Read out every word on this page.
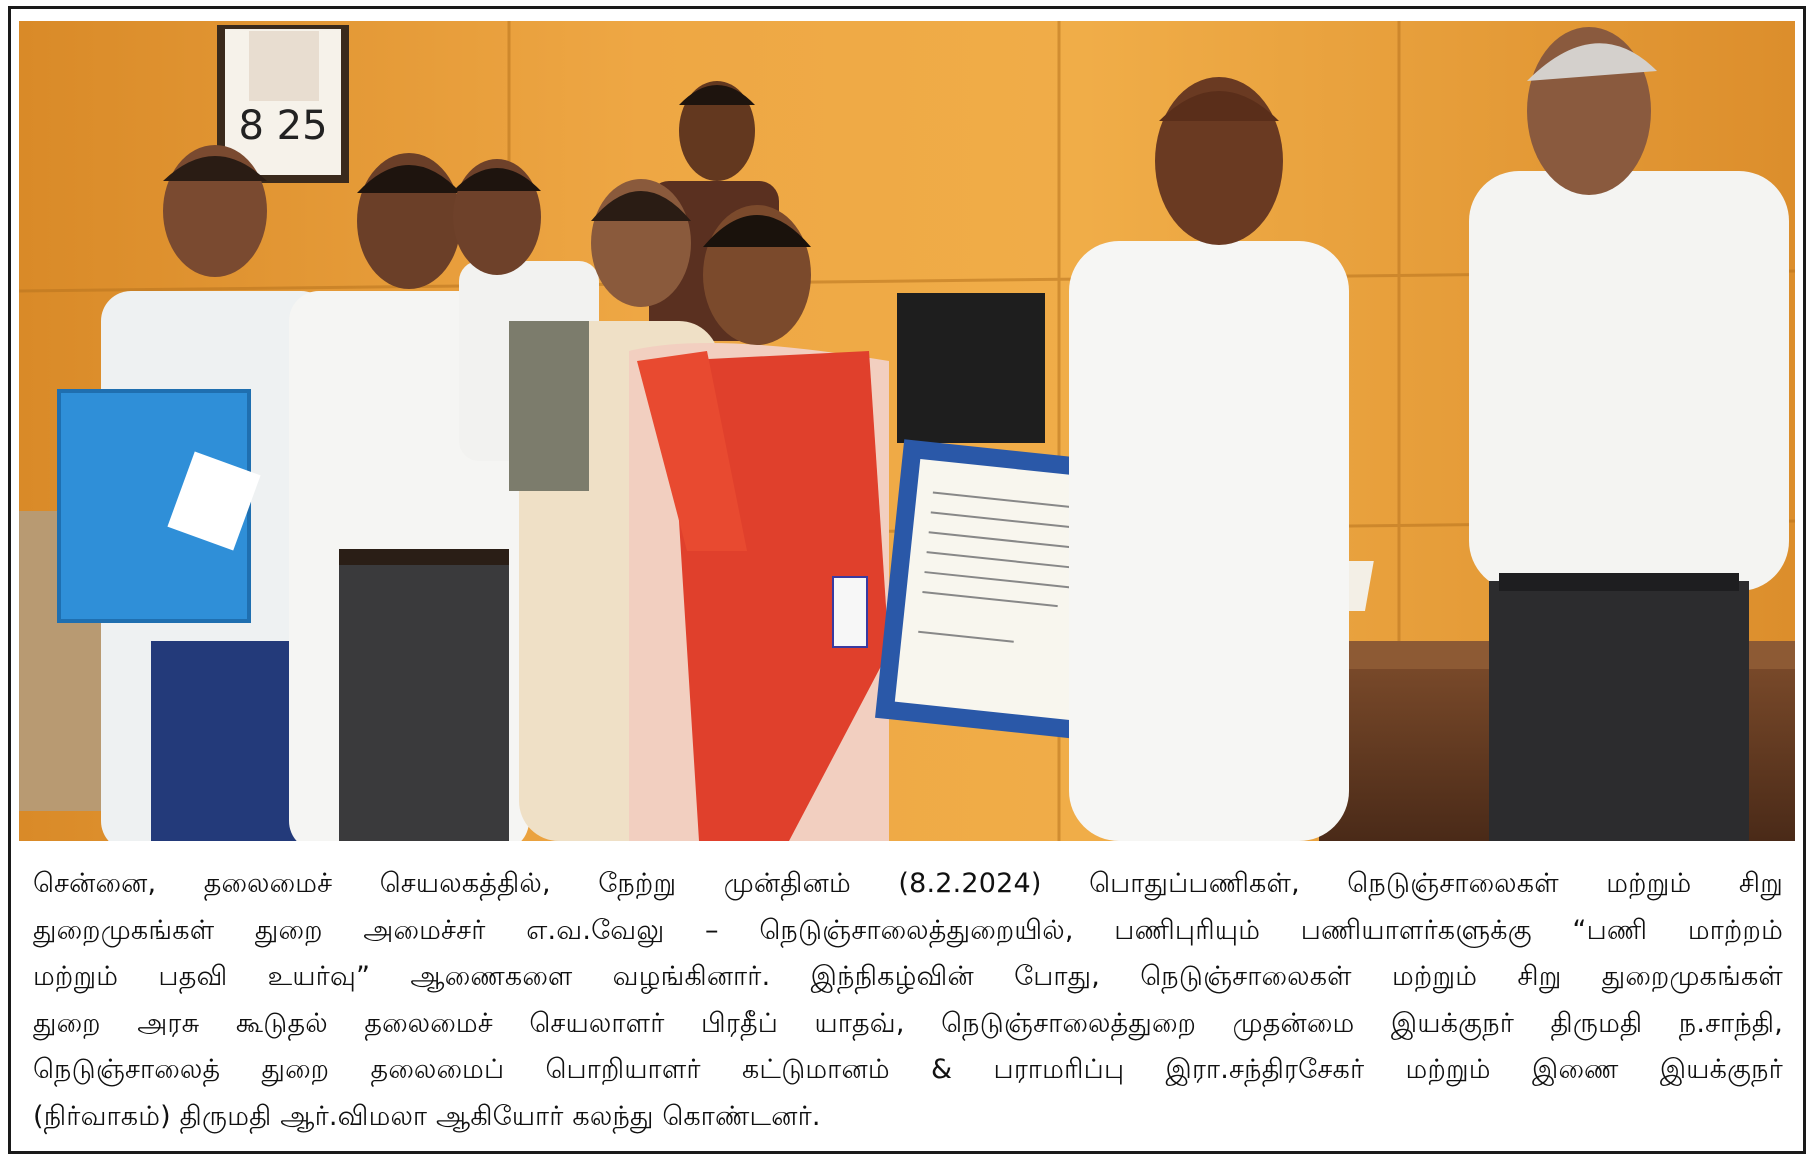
8 25
சென்னை, தலைமைச் செயலகத்தில், நேற்று முன்தினம் (8.2.2024) பொதுப்பணிகள், நெடுஞ்சாலைகள் மற்றும் சிறு
துறைமுகங்கள் துறை அமைச்சர் எ.வ.வேலு – நெடுஞ்சாலைத்துறையில், பணிபுரியும் பணியாளர்களுக்கு “பணி மாற்றம்
மற்றும் பதவி உயர்வு” ஆணைகளை வழங்கினார். இந்நிகழ்வின் போது, நெடுஞ்சாலைகள் மற்றும் சிறு துறைமுகங்கள்
துறை அரசு கூடுதல் தலைமைச் செயலாளர் பிரதீப் யாதவ், நெடுஞ்சாலைத்துறை முதன்மை இயக்குநர் திருமதி ந.சாந்தி,
நெடுஞ்சாலைத் துறை தலைமைப் பொறியாளர் கட்டுமானம் & பராமரிப்பு இரா.சந்திரசேகர் மற்றும் இணை இயக்குநர்
(நிர்வாகம்) திருமதி ஆர்.விமலா ஆகியோர் கலந்து கொண்டனர்.
